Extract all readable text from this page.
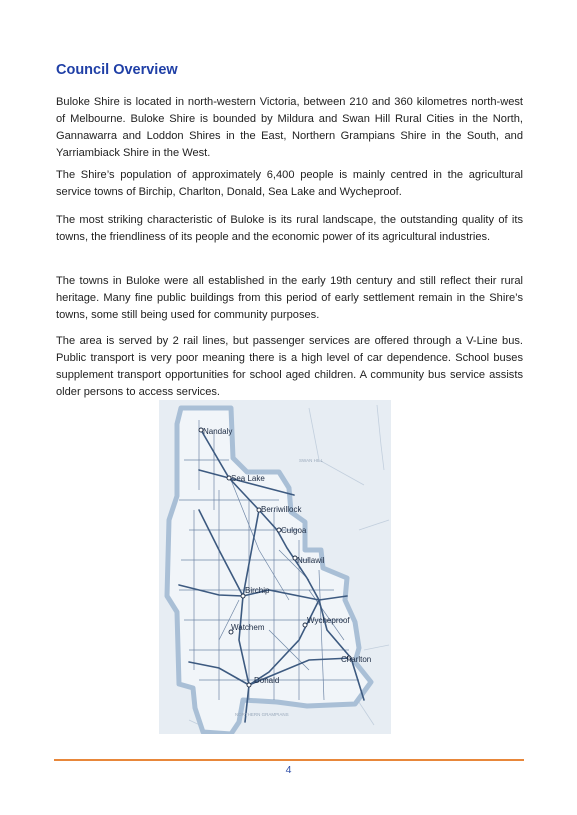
Council Overview

Buloke Shire is located in north-western Victoria, between 210 and 360 kilometres north-west of Melbourne. Buloke Shire is bounded by Mildura and Swan Hill Rural Cities in the North, Gannawarra and Loddon Shires in the East, Northern Grampians Shire in the South, and Yarriambiack Shire in the West.

The Shire’s population of approximately 6,400 people is mainly centred in the agricultural service towns of Birchip, Charlton, Donald, Sea Lake and Wycheproof.

The most striking characteristic of Buloke is its rural landscape, the outstanding quality of its towns, the friendliness of its people and the economic power of its agricultural industries.

The towns in Buloke were all established in the early 19th century and still reflect their rural heritage. Many fine public buildings from this period of early settlement remain in the Shire’s towns, some still being used for community purposes.

The area is served by 2 rail lines, but passenger services are offered through a V-Line bus. Public transport is very poor meaning there is a high level of car dependence. School buses supplement transport opportunities for school aged children. A community bus service assists older persons to access services.

SWAN HILL
NORTHERN GRAMPIANS
Nandaly
Sea Lake
Berriwillock
Culgoa
Nullawil
Birchip
Wycheproof
Watchem
Charlton
Donald
4
